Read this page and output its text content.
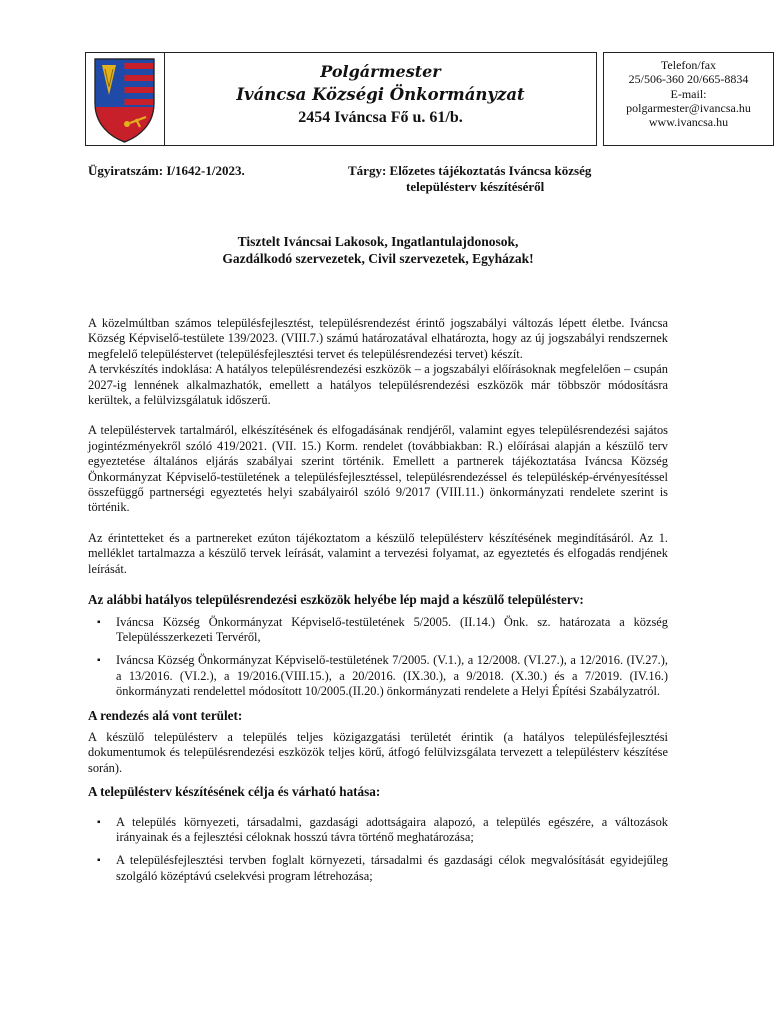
Polgármester
Iváncsa Községi Önkormányzat
2454 Iváncsa Fő u. 61/b.
Telefon/fax
25/506-360 20/665-8834
E-mail:
polgarmester@ivancsa.hu
www.ivancsa.hu
Ügyiratszám: I/1642-1/2023.	Tárgy: Előzetes tájékoztatás Iváncsa község
településterv készítéséről
Tisztelt Iváncsai Lakosok, Ingatlantulajdonosok,
Gazdálkodó szervezetek, Civil szervezetek, Egyházak!

A közelmúltban számos településfejlesztést, településrendezést érintő jogszabályi változás lépett életbe. Iváncsa Község Képviselő-testülete 139/2023. (VIII.7.) számú határozatával elhatározta, hogy az új jogszabályi rendszernek megfelelő településtervet (településfejlesztési tervet és településrendezési tervet) készít.

A tervkészítés indoklása: A hatályos településrendezési eszközök – a jogszabályi előírásoknak megfelelően – csupán 2027-ig lennének alkalmazhatók, emellett a hatályos településrendezési eszközök már többször módosításra kerültek, a felülvizsgálatuk időszerű.

A településtervek tartalmáról, elkészítésének és elfogadásának rendjéről, valamint egyes településrendezési sajátos jogintézményekről szóló 419/2021. (VII. 15.) Korm. rendelet (továbbiakban: R.) előírásai alapján a készülő terv egyeztetése általános eljárás szabályai szerint történik. Emellett a partnerek tájékoztatása Iváncsa Község Önkormányzat Képviselő-testületének a településfejlesztéssel, településrendezéssel és településkép-érvényesítéssel összefüggő partnerségi egyeztetés helyi szabályairól szóló 9/2017 (VIII.11.) önkormányzati rendelete szerint is történik.

Az érintetteket és a partnereket ezúton tájékoztatom a készülő településterv készítésének megindításáról. Az 1. melléklet tartalmazza a készülő tervek leírását, valamint a tervezési folyamat, az egyeztetés és elfogadás rendjének leírását.

Az alábbi hatályos településrendezési eszközök helyébe lép majd a készülő településterv:
▪ Iváncsa Község Önkormányzat Képviselő-testületének 5/2005. (II.14.) Önk. sz. határozata a község Településszerkezeti Tervéről,
▪ Iváncsa Község Önkormányzat Képviselő-testületének 7/2005. (V.1.), a 12/2008. (VI.27.), a 12/2016. (IV.27.), a 13/2016. (VI.2.), a 19/2016.(VIII.15.), a 20/2016. (IX.30.), a 9/2018. (X.30.) és a 7/2019. (IV.16.) önkormányzati rendelettel módosított 10/2005.(II.20.) önkormányzati rendelete a Helyi Építési Szabályzatról.
A rendezés alá vont terület:

A készülő településterv a település teljes közigazgatási területét érintik (a hatályos településfejlesztési dokumentumok és településrendezési eszközök teljes körű, átfogó felülvizsgálata tervezett a településterv készítése során).

A településterv készítésének célja és várható hatása:
▪ A település környezeti, társadalmi, gazdasági adottságaira alapozó, a település egészére, a változások irányainak és a fejlesztési céloknak hosszú távra történő meghatározása;
▪ A településfejlesztési tervben foglalt környezeti, társadalmi és gazdasági célok megvalósítását egyidejűleg szolgáló középtávú cselekvési program létrehozása;
